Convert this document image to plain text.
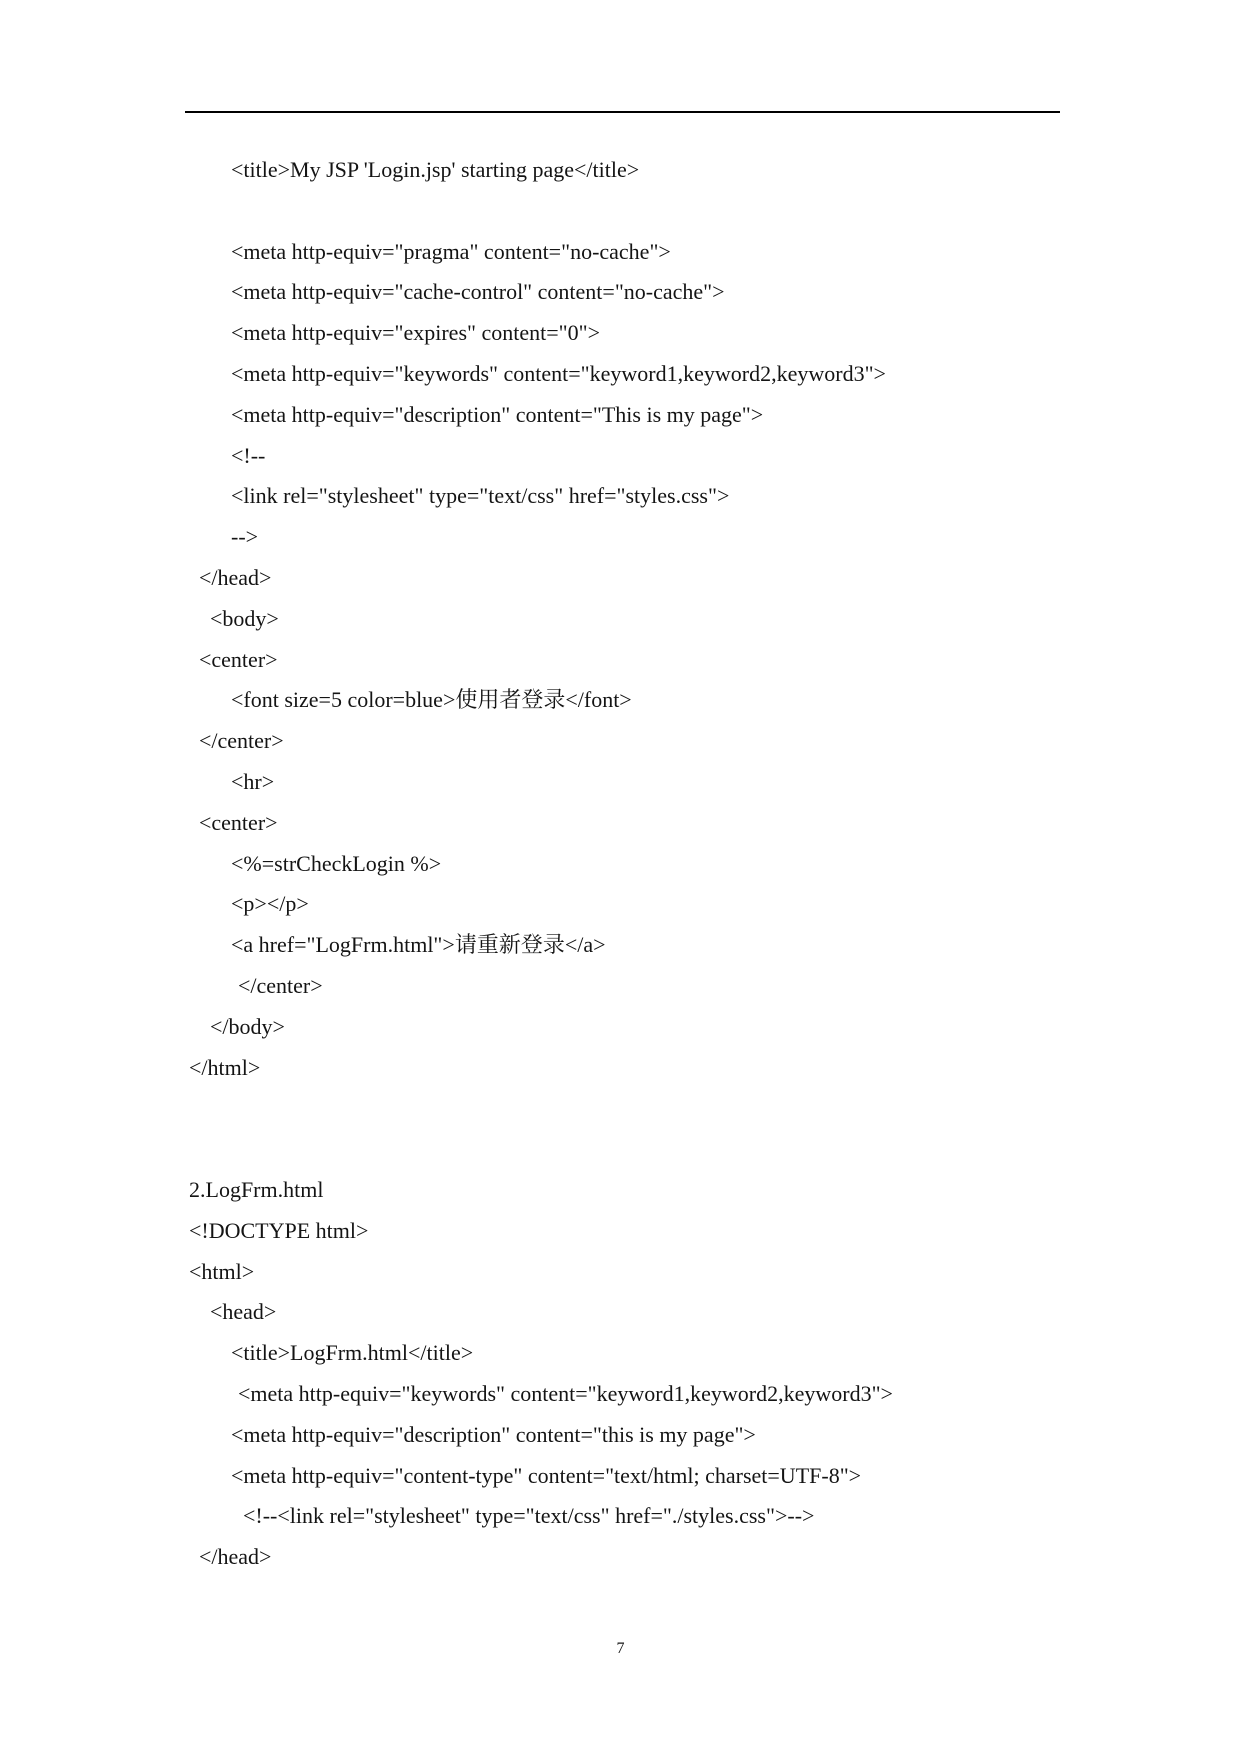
<title>My JSP 'Login.jsp' starting page</title>
<meta http-equiv="pragma" content="no-cache">
<meta http-equiv="cache-control" content="no-cache">
<meta http-equiv="expires" content="0">
<meta http-equiv="keywords" content="keyword1,keyword2,keyword3">
<meta http-equiv="description" content="This is my page">
<!--
<link rel="stylesheet" type="text/css" href="styles.css">
-->
</head>
<body>
<center>
<font size=5 color=blue>使用者登录</font>
</center>
<hr>
<center>
<%=strCheckLogin %>
<p></p>
<a href="LogFrm.html">请重新登录</a>
</center>
</body>
</html>
2.LogFrm.html
<!DOCTYPE html>
<html>
<head>
<title>LogFrm.html</title>
<meta http-equiv="keywords" content="keyword1,keyword2,keyword3">
<meta http-equiv="description" content="this is my page">
<meta http-equiv="content-type" content="text/html; charset=UTF-8">
<!--<link rel="stylesheet" type="text/css" href="./styles.css">-->
</head>
7
